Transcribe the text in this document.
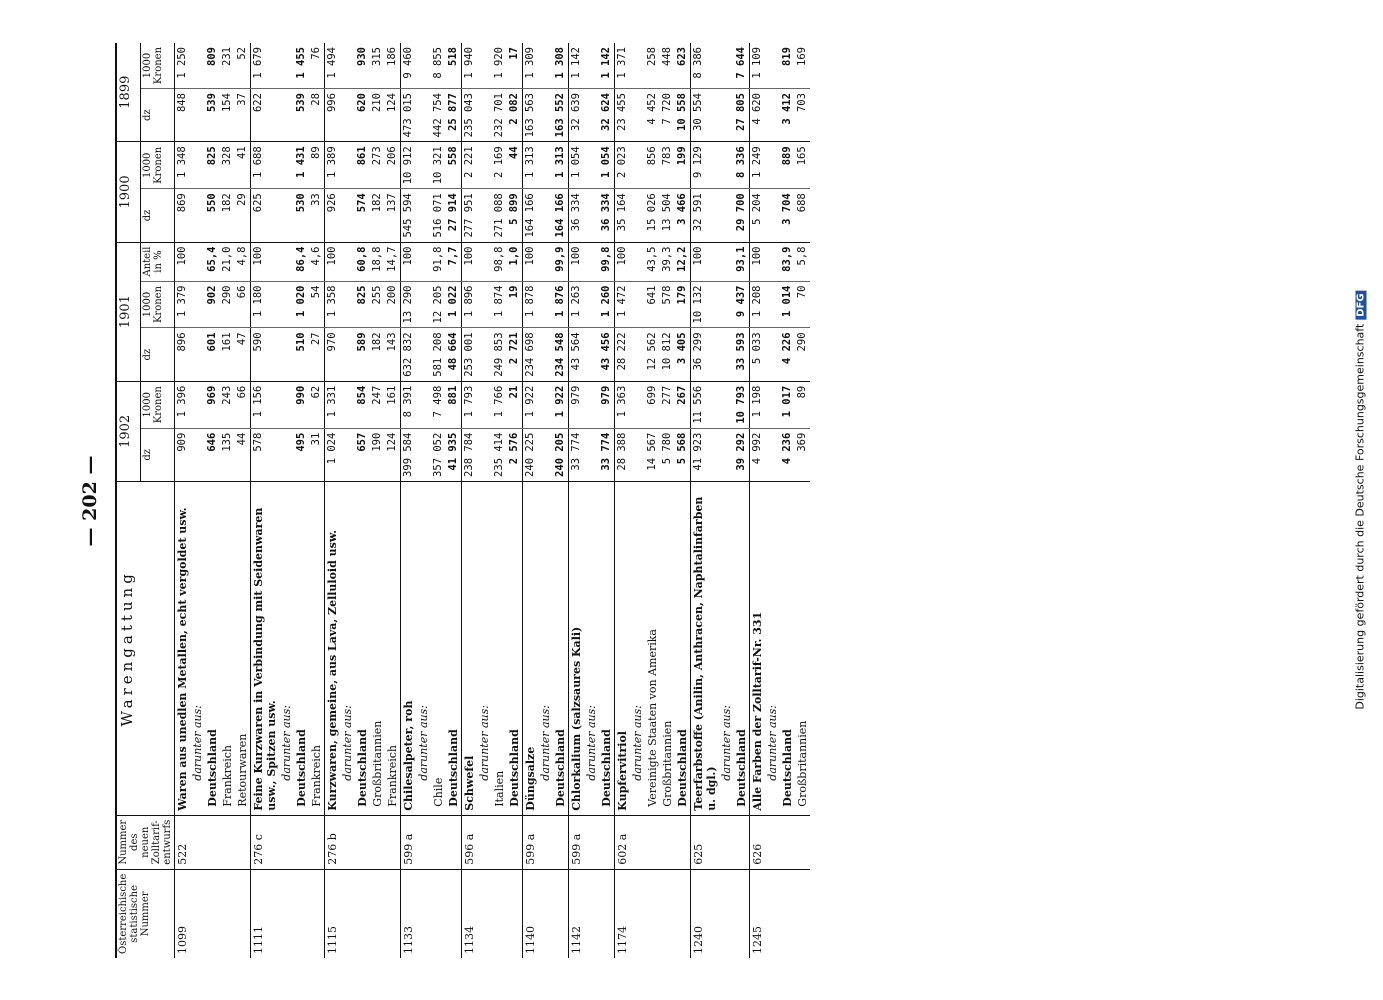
— 202 —	Digitalisierung gefördert durch die Deutsche ForschungsgemeinschaftDFG
Österreichische statistische Nummer	Nummer des neuen Zolltarif-entwurfs	Warengattung	1902		1901			1900		1899	
			dz	1000 Kronen	dz	1000 Kronen	Anteil in %	dz	1000 Kronen	dz	1000 Kronen
1099	522	Waren aus unedlen Metallen, echt vergoldet usw.	909	1 396	896	1 379	100	869	1 348	848	1 250
		darunter aus:									
		Deutschland	646	969	601	902	65,4	550	825	539	809
		Frankreich	135	243	161	290	21,0	182	328	154	231
		Retourwaren	44	66	47	66	4,8	29	41	37	52
1111	276 c	Feine Kurzwaren in Verbindung mit Seidenwaren usw., Spitzen usw.	578	1 156	590	1 180	100	625	1 688	622	1 679
		darunter aus:									
		Deutschland	495	990	510	1 020	86,4	530	1 431	539	1 455
		Frankreich	31	62	27	54	4,6	33	89	28	76
1115	276 b	Kurzwaren, gemeine, aus Lava, Zelluloid usw.	1 024	1 331	970	1 358	100	926	1 389	996	1 494
		darunter aus:									
		Deutschland	657	854	589	825	60,8	574	861	620	930
		Großbritannien	190	247	182	255	18,8	182	273	210	315
		Frankreich	124	161	143	200	14,7	137	206	124	186
1133	599 a	Chilesalpeter, roh	399 584	8 391	632 832	13 290	100	545 594	10 912	473 015	9 460
		darunter aus:									
		Chile	357 052	7 498	581 208	12 205	91,8	516 071	10 321	442 754	8 855
		Deutschland	41 935	881	48 664	1 022	7,7	27 914	558	25 877	518
1134	596 a	Schwefel	238 784	1 793	253 001	1 896	100	277 951	2 221	235 043	1 940
		darunter aus:									
		Italien	235 414	1 766	249 853	1 874	98,8	271 088	2 169	232 701	1 920
		Deutschland	2 576	21	2 721	19	1,0	5 899	44	2 082	17
1140	599 a	Düngsalze	240 225	1 922	234 698	1 878	100	164 166	1 313	163 563	1 309
		darunter aus:									
		Deutschland	240 205	1 922	234 548	1 876	99,9	164 166	1 313	163 552	1 308
1142	599 a	Chlorkalium (salzsaures Kali)	33 774	979	43 564	1 263	100	36 334	1 054	32 639	1 142
		darunter aus:									
		Deutschland	33 774	979	43 456	1 260	99,8	36 334	1 054	32 624	1 142
1174	602 a	Kupfervitriol	28 388	1 363	28 222	1 472	100	35 164	2 023	23 455	1 371
		darunter aus:									
		Vereinigte Staaten von Amerika	14 567	699	12 562	641	43,5	15 026	856	4 452	258
		Großbritannien	5 780	277	10 812	578	39,3	13 504	783	7 720	448
		Deutschland	5 568	267	3 405	179	12,2	3 466	199	10 558	623
1240	625	Teerfarbstoffe (Anilin, Anthracen, Naphtalinfarben u. dgl.)	41 923	11 556	36 299	10 132	100	32 591	9 129	30 554	8 386
		darunter aus:									
		Deutschland	39 292	10 793	33 593	9 437	93,1	29 700	8 336	27 805	7 644
1245	626	Alle Farben der Zolltarif-Nr. 331	4 992	1 198	5 033	1 208	100	5 204	1 249	4 620	1 109
		darunter aus:									
		Deutschland	4 236	1 017	4 226	1 014	83,9	3 704	889	3 412	819
		Großbritannien	369	89	290	70	5,8	688	165	703	169
